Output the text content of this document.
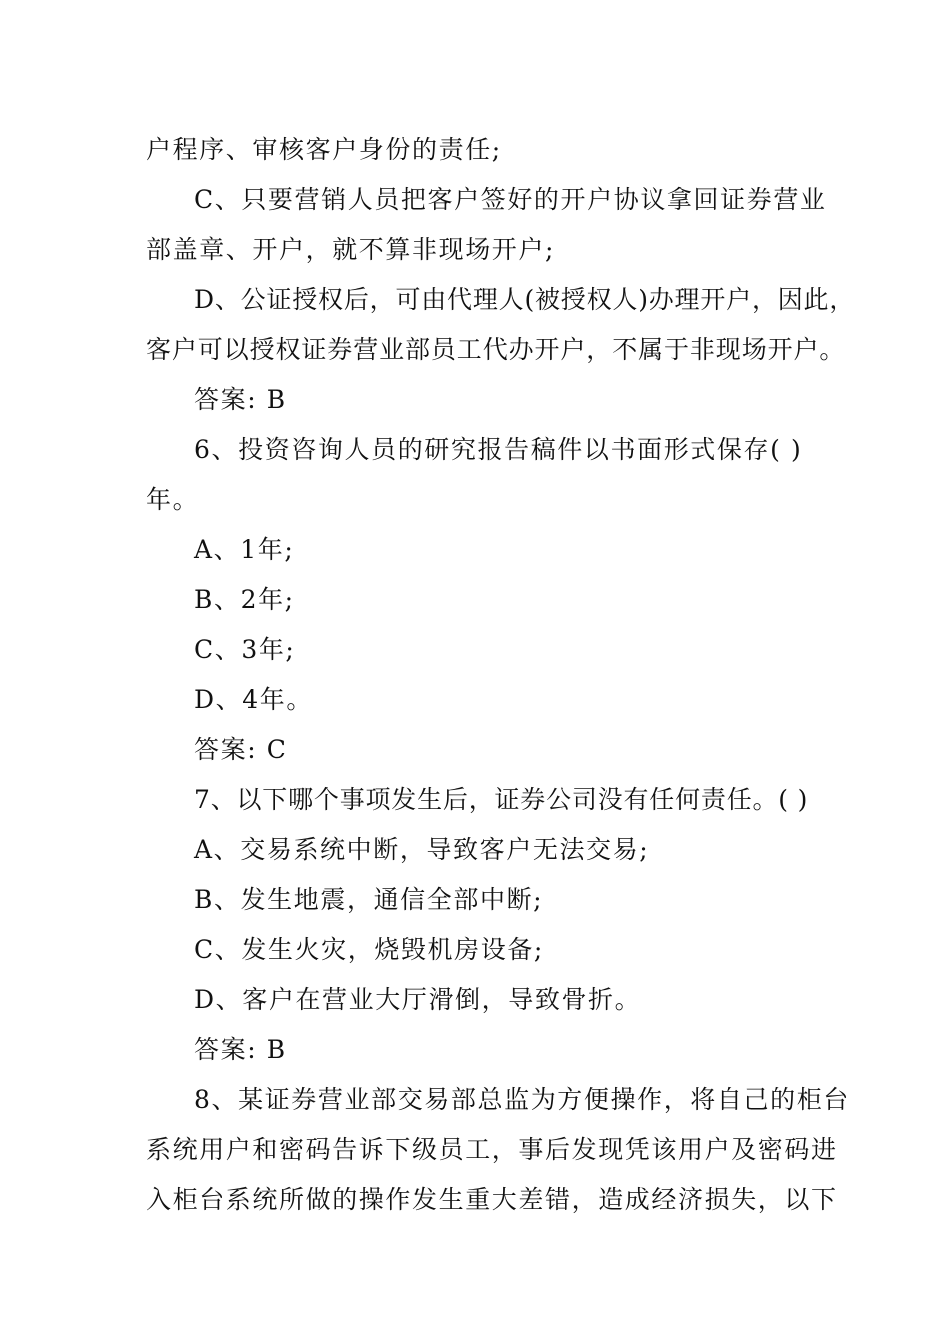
户程序、审核客户身份的责任;
C、只要营销人员把客户签好的开户协议拿回证券营业
部盖章、开户，就不算非现场开户;
D、公证授权后，可由代理人(被授权人)办理开户，因此，
客户可以授权证券营业部员工代办开户，不属于非现场开户。
答案: B
6、投资咨询人员的研究报告稿件以书面形式保存( )
年。
A、1年;
B、2年;
C、3年;
D、4年。
答案: C
7、以下哪个事项发生后，证券公司没有任何责任。( )
A、交易系统中断，导致客户无法交易;
B、发生地震，通信全部中断;
C、发生火灾，烧毁机房设备;
D、客户在营业大厅滑倒，导致骨折。
答案: B
8、某证券营业部交易部总监为方便操作，将自己的柜台
系统用户和密码告诉下级员工，事后发现凭该用户及密码进
入柜台系统所做的操作发生重大差错，造成经济损失，以下
